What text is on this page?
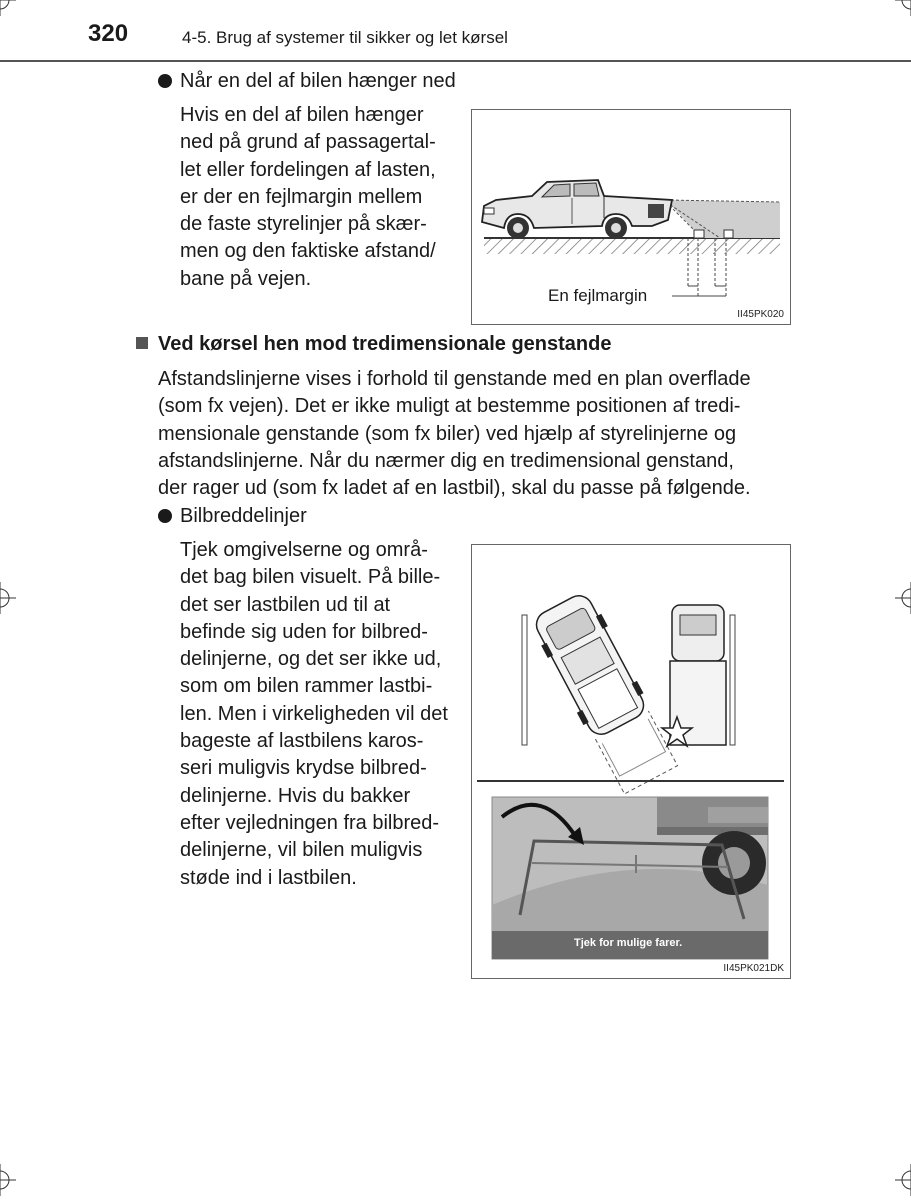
320	4-5. Brug af systemer til sikker og let kørsel
Når en del af bilen hænger ned

Hvis en del af bilen hænger

ned på grund af passagertal-

let eller fordelingen af lasten,

er der en fejlmargin mellem

de faste styrelinjer på skær-

men og den faktiske afstand/

bane på vejen.

En fejlmargin
II45PK020
Ved kørsel hen mod tredimensionale genstande

Afstandslinjerne vises i forhold til genstande med en plan overflade

(som fx vejen). Det er ikke muligt at bestemme positionen af tredi-

mensionale genstande (som fx biler) ved hjælp af styrelinjerne og

afstandslinjerne. Når du nærmer dig en tredimensional genstand,

der rager ud (som fx ladet af en lastbil), skal du passe på følgende.

Bilbreddelinjer

Tjek omgivelserne og områ-

det bag bilen visuelt. På bille-

det ser lastbilen ud til at

befinde sig uden for bilbred-

delinjerne, og det ser ikke ud,

som om bilen rammer lastbi-

len. Men i virkeligheden vil det

bageste af lastbilens karos-

seri muligvis krydse bilbred-

delinjerne. Hvis du bakker

efter vejledningen fra bilbred-

delinjerne, vil bilen muligvis

støde ind i lastbilen.

Tjek for mulige farer.
II45PK021DK
